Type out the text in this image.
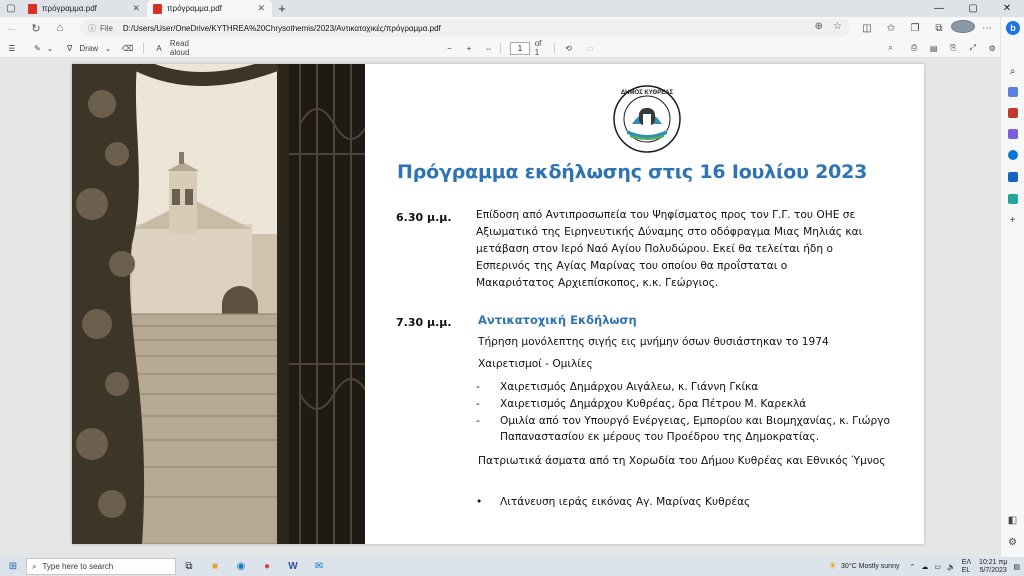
▢	πρόγραμμα.pdf	✕	πρόγραμμα.pdf	✕	+	—	▢	✕
←	↻	⌂	ⓘ File D:/Users/User/OneDrive/KYTHREA%20Chrysothemis/2023/Αντικατοχικές/πρόγραμμα.pdf	⊕ ☆	◫	✩	❐	⧉	⋯
☰	✎ ⌄	∇ Draw ⌄	⌫	A	Read aloud	−	+	⇔	1	of 1	⟲	▭	⌕	⎙	▤	⎘	⤢	⚙
b
⌕
+
◧
⚙
ΔΗΜΟΣ ΚΥΘΡΕΑΣ
Πρόγραμμα εκδήλωσης στις 16 Ιουλίου 2023
6.30 μ.μ. Επίδοση από Αντιπροσωπεία του Ψηφίσματος προς τον Γ.Γ. του ΟΗΕ σε
Αξιωματικό της Ειρηνευτικής Δύναμης στο οδόφραγμα Μιας Μηλιάς και
μετάβαση στον Ιερό Ναό Αγίου Πολυδώρου. Εκεί θα τελείται ήδη ο
Εσπερινός της Αγίας Μαρίνας του οποίου θα προΐσταται ο
Μακαριότατος Αρχιεπίσκοπος, κ.κ. Γεώργιος.
7.30 μ.μ. Αντικατοχική Εκδήλωση
Τήρηση μονόλεπτης σιγής εις μνήμην όσων θυσιάστηκαν το 1974
Χαιρετισμοί - Ομιλίες
-	Χαιρετισμός Δημάρχου Αιγάλεω, κ. Γιάννη Γκίκα
-	Χαιρετισμός Δημάρχου Κυθρέας, δρα Πέτρου Μ. Καρεκλά
-	Ομιλία από τον Υπουργό Ενέργειας, Εμπορίου και Βιομηχανίας, κ. Γιώργο Παπαναστασίου εκ μέρους του Προέδρου της Δημοκρατίας.
Πατριωτικά άσματα από τη Χορωδία του Δήμου Κυθρέας και Εθνικός Ύμνος
•	Λιτάνευση ιεράς εικόνας Αγ. Μαρίνας Κυθρέας
⊞	⌕ Type here to search	⧉	■	◉	●	W	✉	☀ 30°C Mostly sunny ⌃ ☁ ▭ 🔈
ΕΛ
EL
10:21 πμ
5/7/2023 ▤
